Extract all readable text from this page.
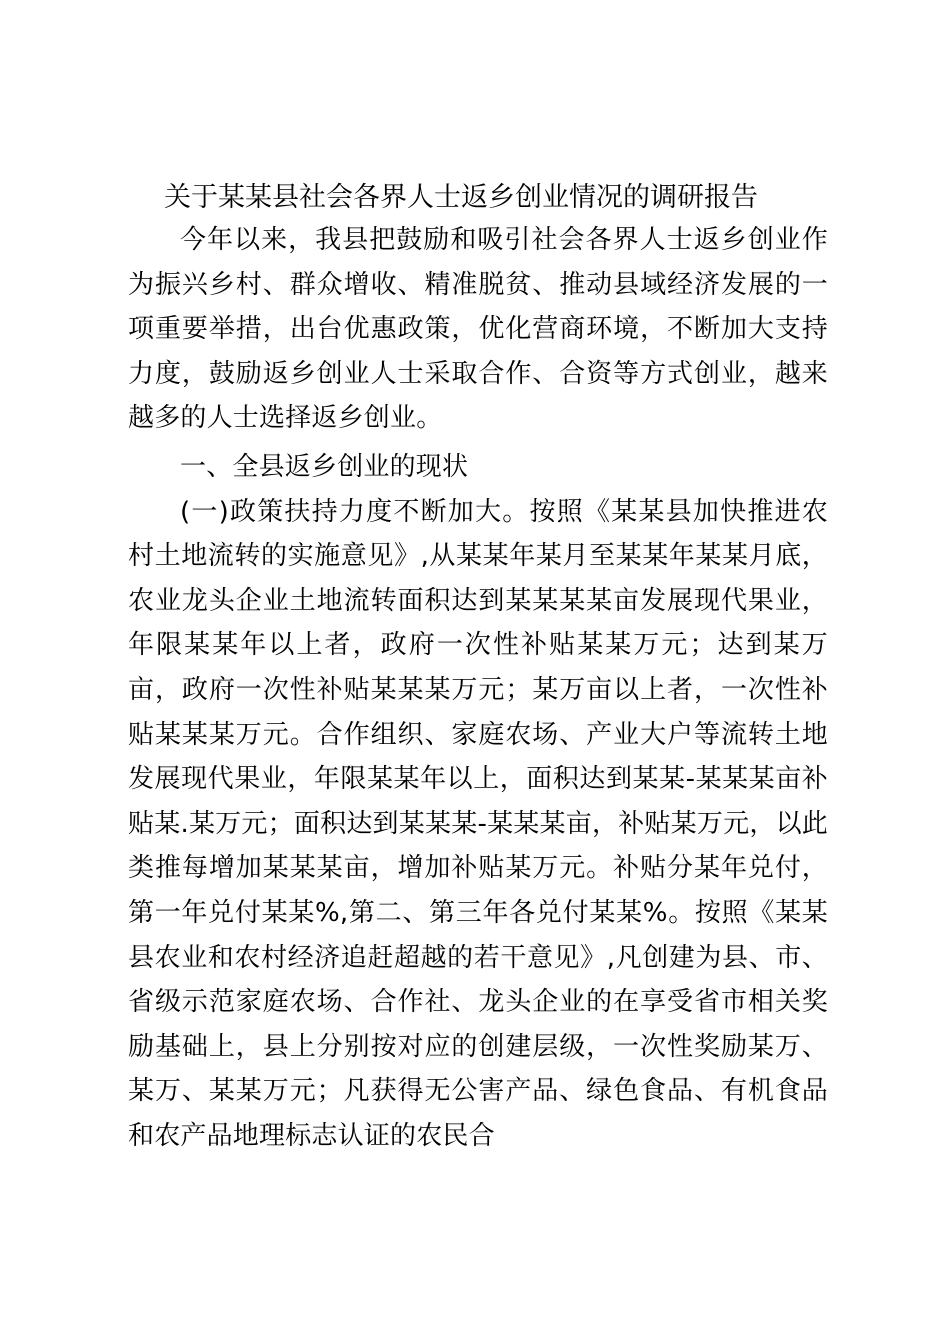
关于某某县社会各界人士返乡创业情况的调研报告

今年以来，我县把鼓励和吸引社会各界人士返乡创业作为振兴乡村、群众增收、精准脱贫、推动县域经济发展的一项重要举措，出台优惠政策，优化营商环境，不断加大支持力度，鼓励返乡创业人士采取合作、合资等方式创业，越来越多的人士选择返乡创业。

一、全县返乡创业的现状

(一)政策扶持力度不断加大。按照《某某县加快推进农村土地流转的实施意见》,从某某年某月至某某年某某月底，农业龙头企业土地流转面积达到某某某某亩发展现代果业，年限某某年以上者，政府一次性补贴某某万元；达到某万亩，政府一次性补贴某某某万元；某万亩以上者，一次性补贴某某某万元。合作组织、家庭农场、产业大户等流转土地发展现代果业，年限某某年以上，面积达到某某-某某某亩补贴某.某万元；面积达到某某某-某某某亩，补贴某万元，以此类推每增加某某某亩，增加补贴某万元。补贴分某年兑付，第一年兑付某某%,第二、第三年各兑付某某%。按照《某某县农业和农村经济追赶超越的若干意见》,凡创建为县、市、省级示范家庭农场、合作社、龙头企业的在享受省市相关奖励基础上，县上分别按对应的创建层级，一次性奖励某万、某万、某某万元；凡获得无公害产品、绿色食品、有机食品和农产品地理标志认证的农民合
